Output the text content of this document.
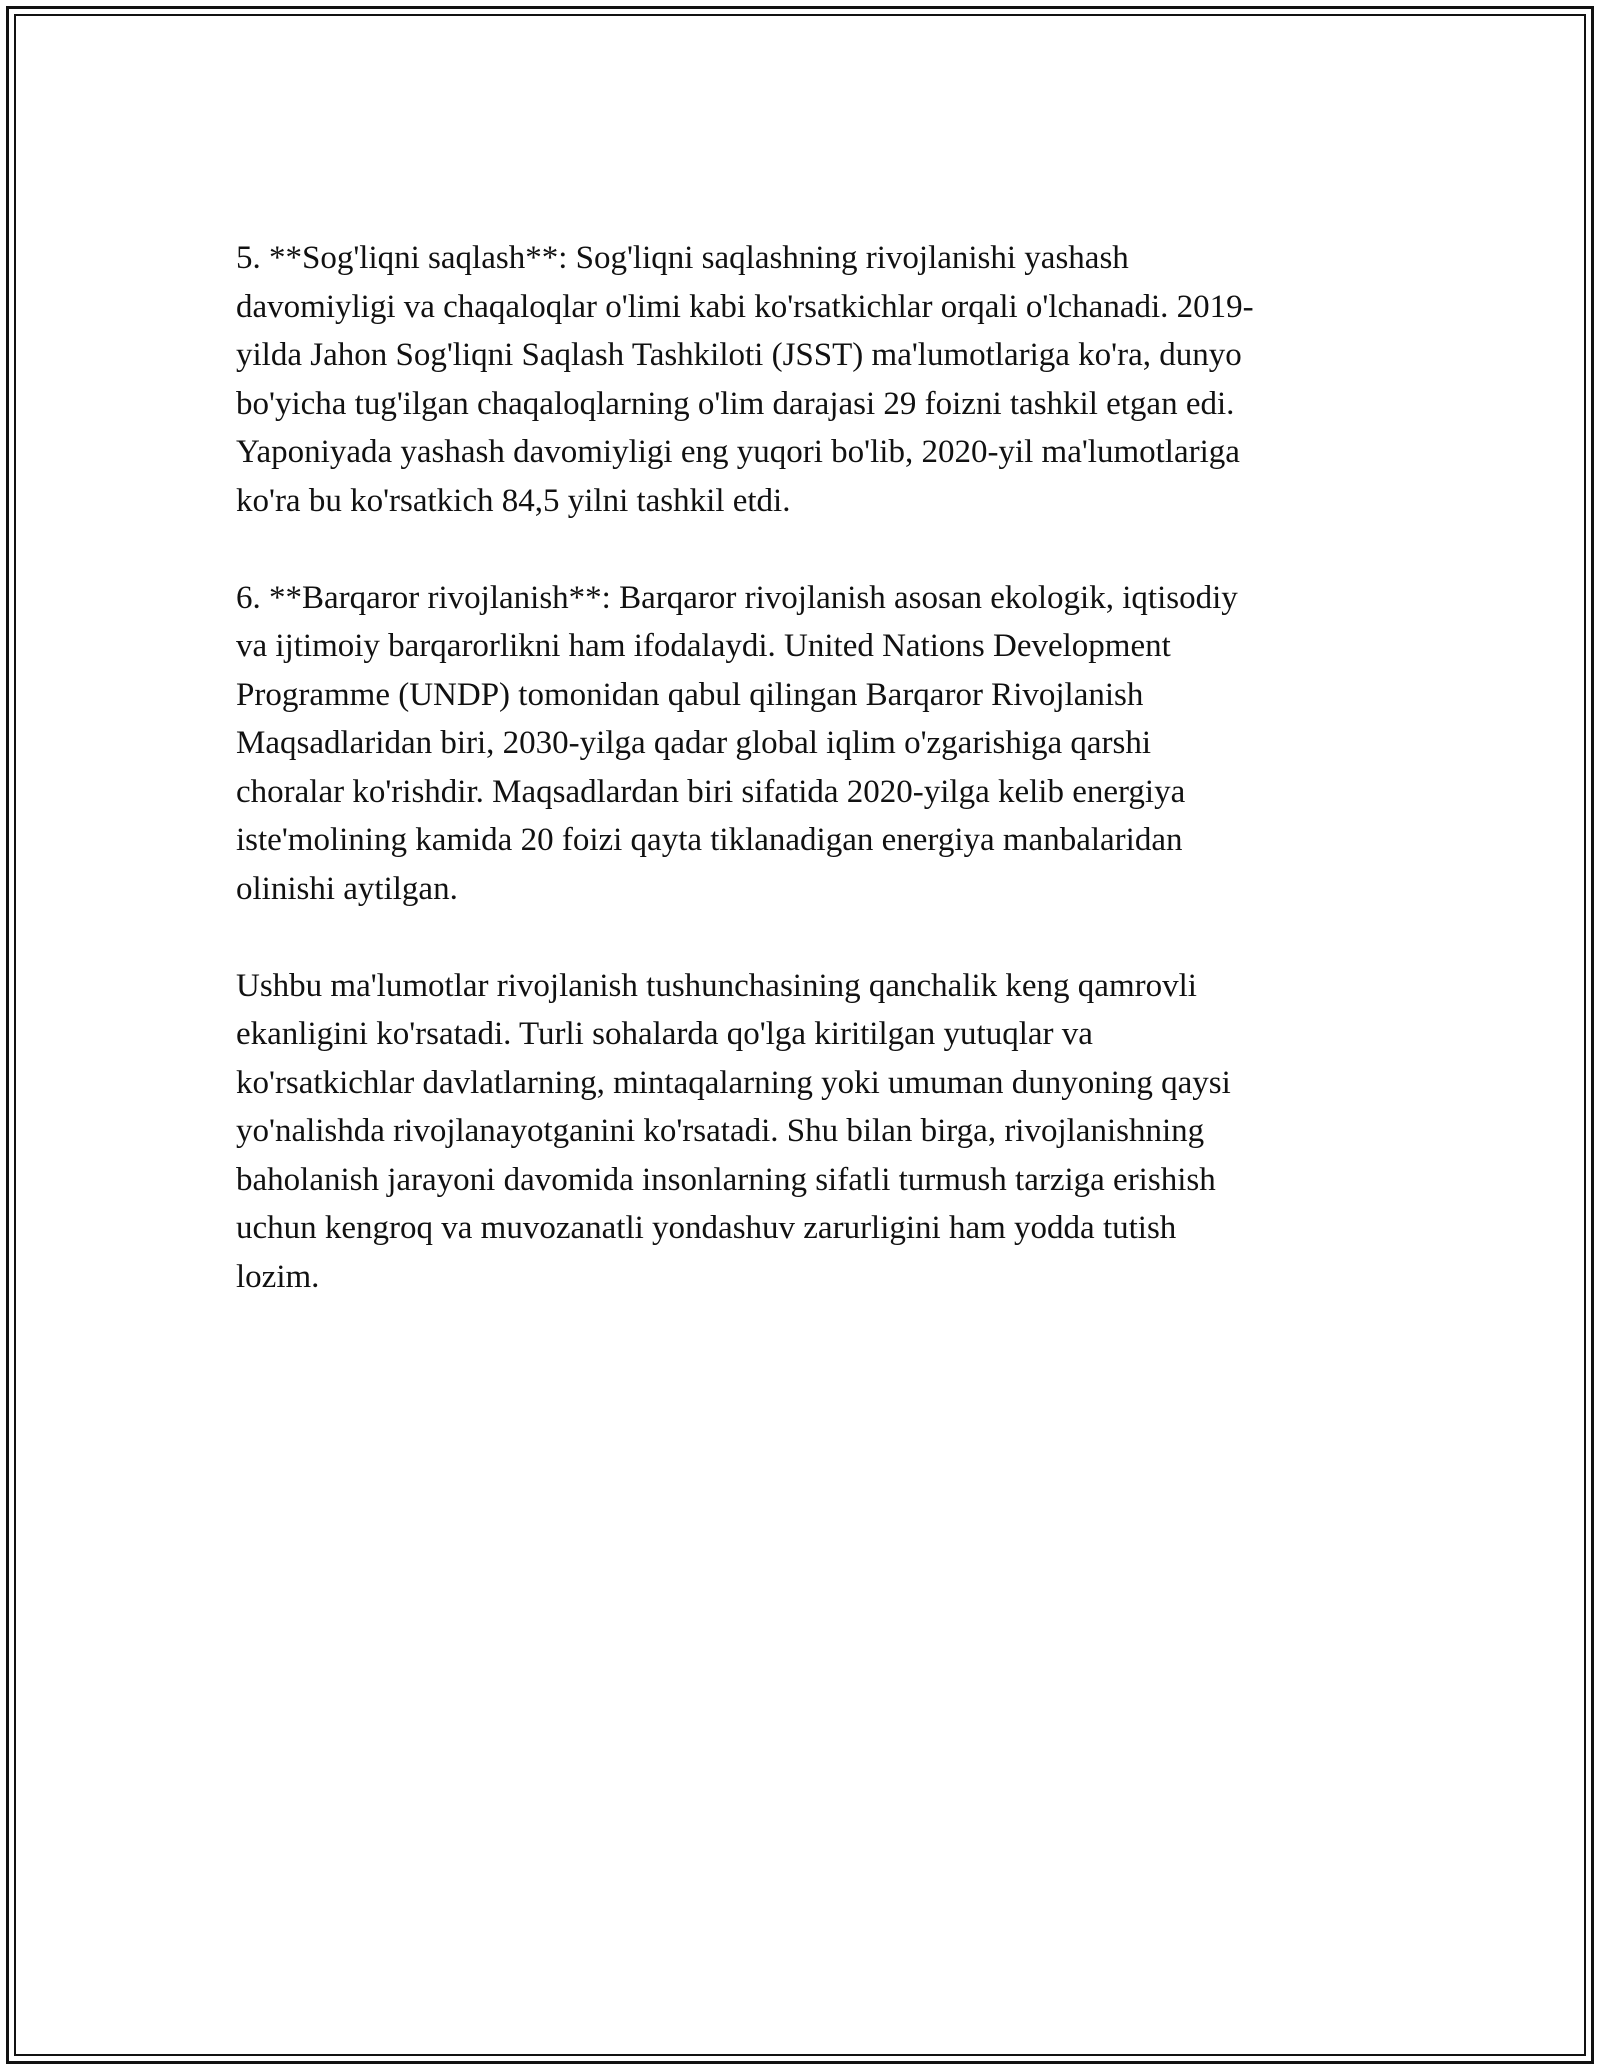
5. **Sog'liqni saqlash**: Sog'liqni saqlashning rivojlanishi yashash
davomiyligi va chaqaloqlar o'limi kabi ko'rsatkichlar orqali o'lchanadi. 2019-
yilda Jahon Sog'liqni Saqlash Tashkiloti (JSST) ma'lumotlariga ko'ra, dunyo
bo'yicha tug'ilgan chaqaloqlarning o'lim darajasi 29 foizni tashkil etgan edi.
Yaponiyada yashash davomiyligi eng yuqori bo'lib, 2020-yil ma'lumotlariga
ko'ra bu ko'rsatkich 84,5 yilni tashkil etdi.

6. **Barqaror rivojlanish**: Barqaror rivojlanish asosan ekologik, iqtisodiy
va ijtimoiy barqarorlikni ham ifodalaydi. United Nations Development
Programme (UNDP) tomonidan qabul qilingan Barqaror Rivojlanish
Maqsadlaridan biri, 2030-yilga qadar global iqlim o'zgarishiga qarshi
choralar ko'rishdir. Maqsadlardan biri sifatida 2020-yilga kelib energiya
iste'molining kamida 20 foizi qayta tiklanadigan energiya manbalaridan
olinishi aytilgan.

Ushbu ma'lumotlar rivojlanish tushunchasining qanchalik keng qamrovli
ekanligini ko'rsatadi. Turli sohalarda qo'lga kiritilgan yutuqlar va
ko'rsatkichlar davlatlarning, mintaqalarning yoki umuman dunyoning qaysi
yo'nalishda rivojlanayotganini ko'rsatadi. Shu bilan birga, rivojlanishning
baholanish jarayoni davomida insonlarning sifatli turmush tarziga erishish
uchun kengroq va muvozanatli yondashuv zarurligini ham yodda tutish
lozim.
